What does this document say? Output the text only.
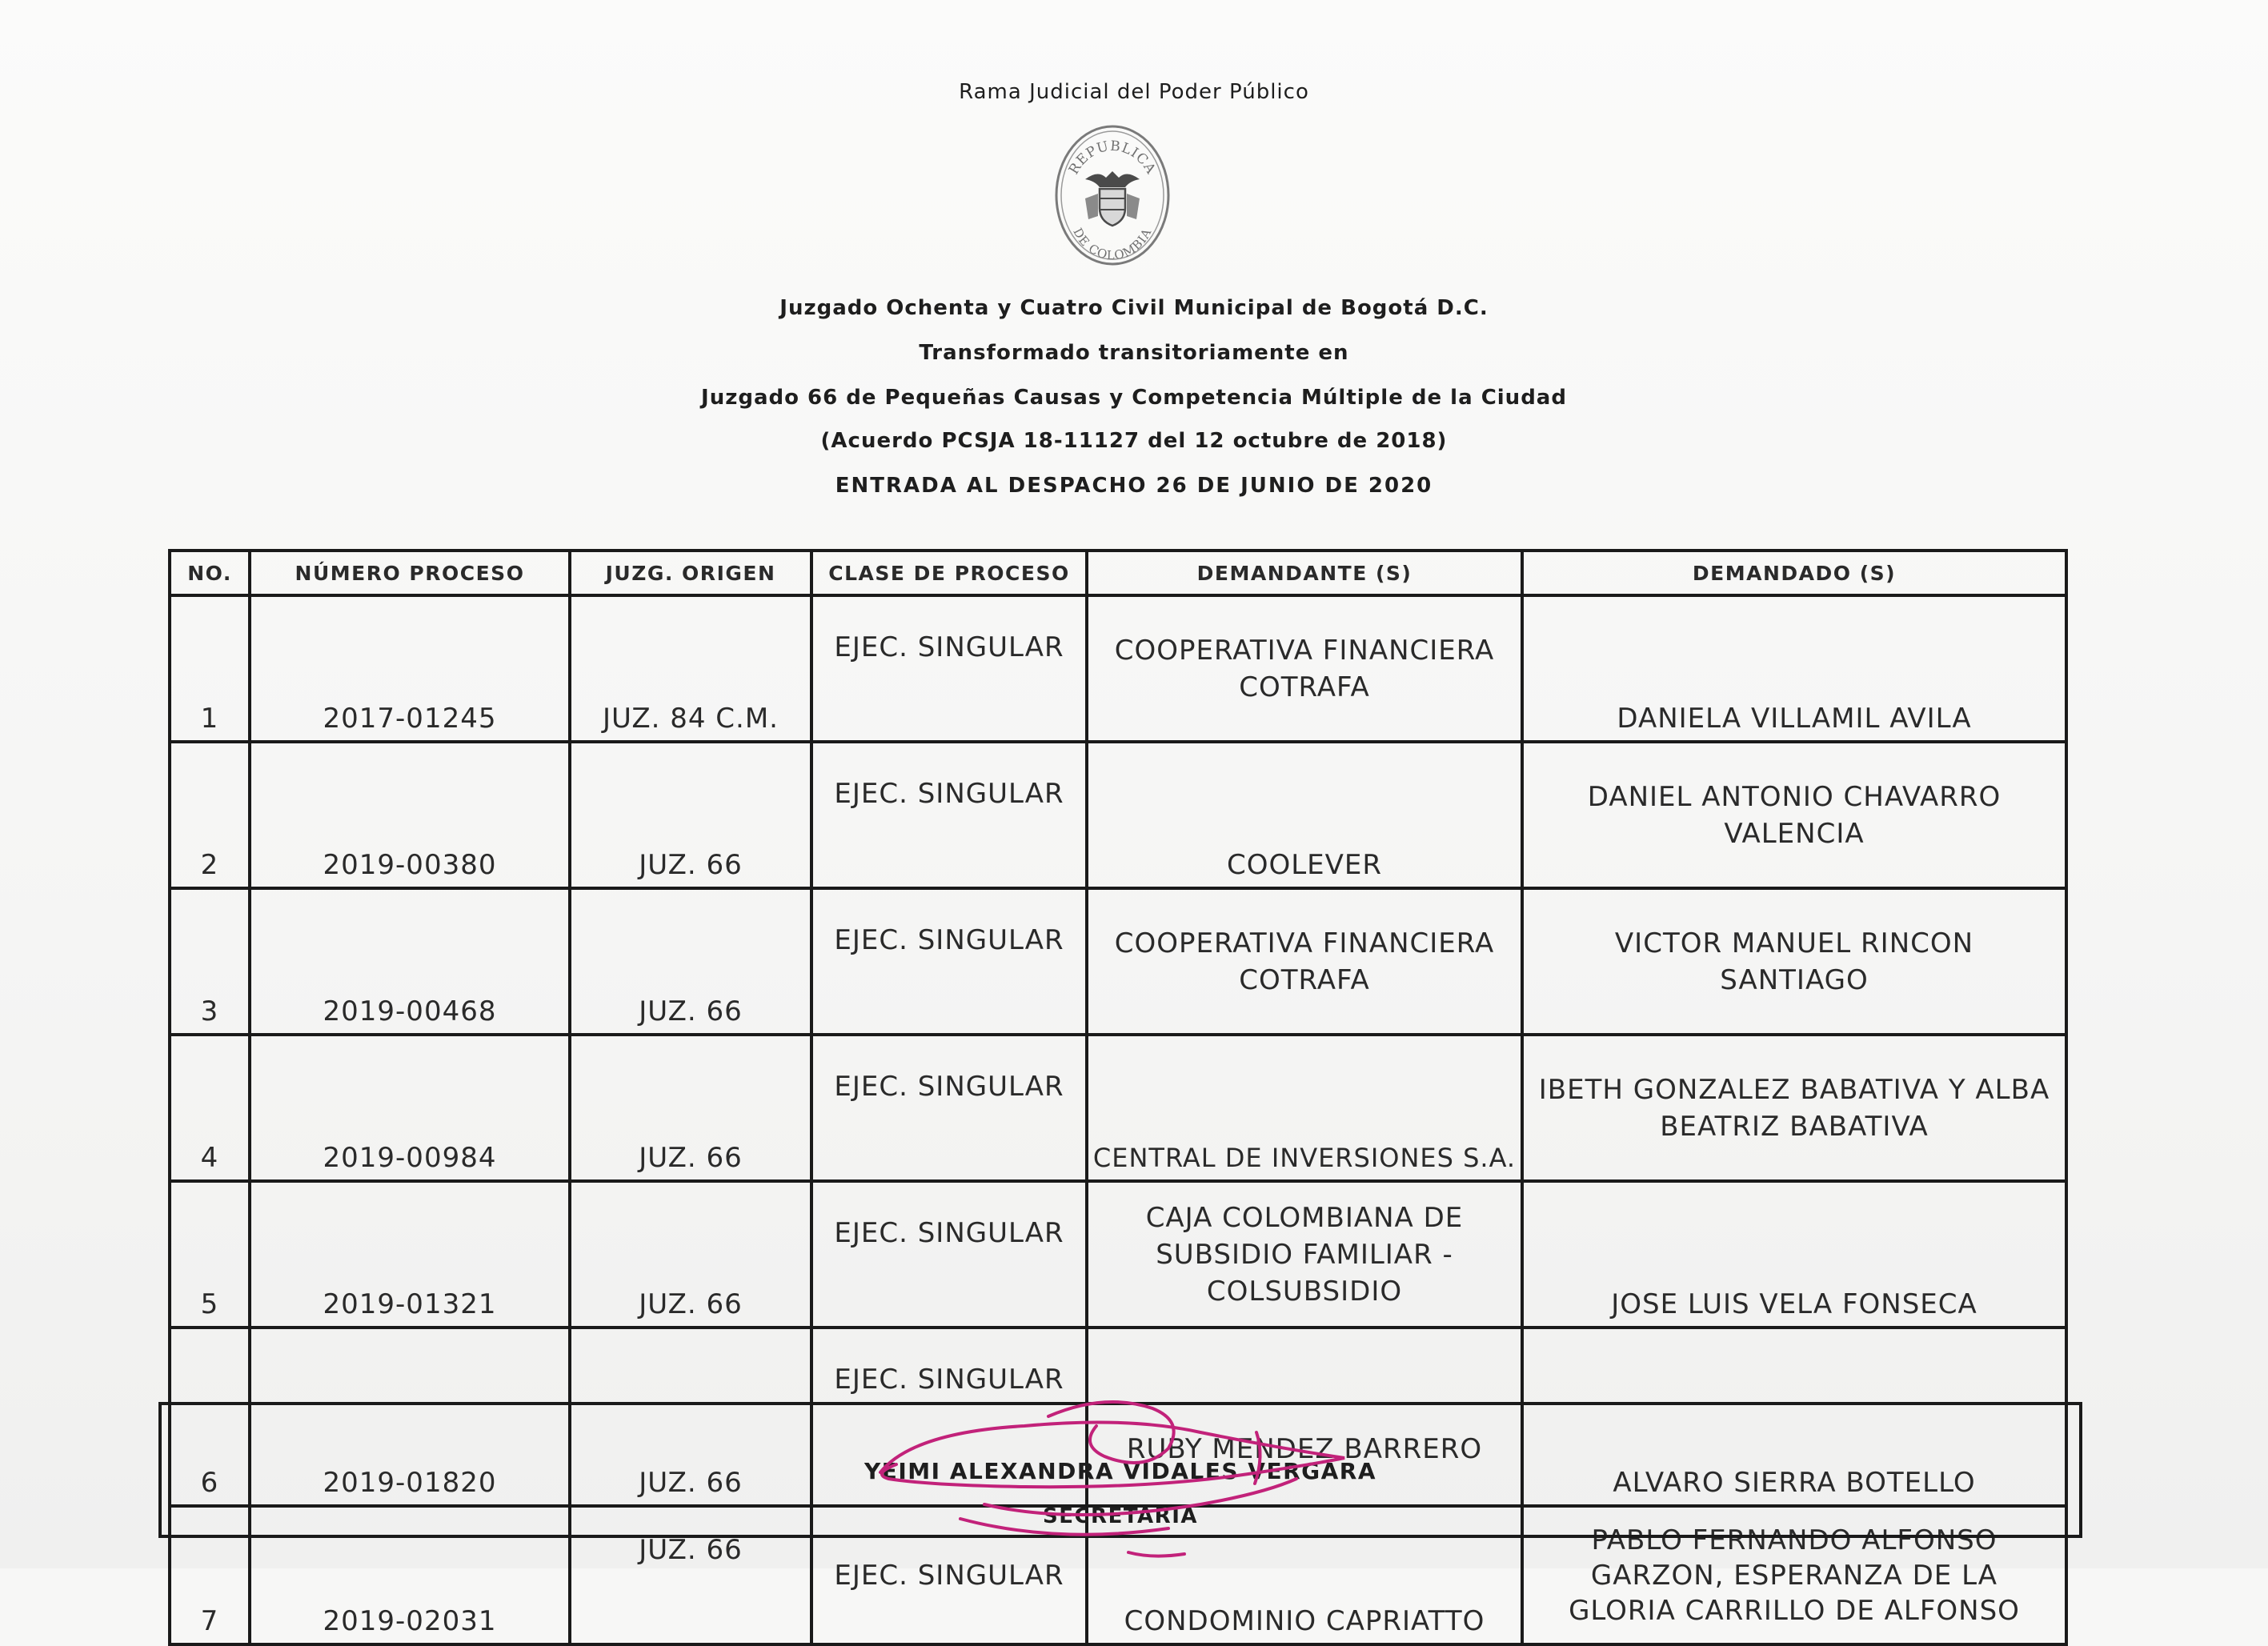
Rama Judicial del Poder Público
REPUBLICA
DE COLOMBIA
Juzgado Ochenta y Cuatro Civil Municipal de Bogotá D.C.
Transformado transitoriamente en
Juzgado 66 de Pequeñas Causas y Competencia Múltiple de la Ciudad
(Acuerdo PCSJA 18-11127 del 12 octubre de 2018)
ENTRADA AL DESPACHO 26 DE JUNIO DE 2020
NO.	NÚMERO PROCESO	JUZG. ORIGEN	CLASE DE PROCESO	DEMANDANTE (S)	DEMANDADO (S)
1	2017-01245	JUZ. 84 C.M.	EJEC. SINGULAR	COOPERATIVA FINANCIERA COTRAFA	DANIELA VILLAMIL AVILA
2	2019-00380	JUZ. 66	EJEC. SINGULAR	COOLEVER	DANIEL ANTONIO CHAVARRO VALENCIA
3	2019-00468	JUZ. 66	EJEC. SINGULAR	COOPERATIVA FINANCIERA COTRAFA	VICTOR MANUEL RINCON SANTIAGO
4	2019-00984	JUZ. 66	EJEC. SINGULAR	CENTRAL DE INVERSIONES S.A.	IBETH GONZALEZ BABATIVA Y ALBA BEATRIZ BABATIVA
5	2019-01321	JUZ. 66	EJEC. SINGULAR	CAJA COLOMBIANA DE SUBSIDIO FAMILIAR - COLSUBSIDIO	JOSE LUIS VELA FONSECA
6	2019-01820	JUZ. 66	EJEC. SINGULAR	RUBY MENDEZ BARRERO	ALVARO SIERRA BOTELLO
7	2019-02031	JUZ. 66	EJEC. SINGULAR	CONDOMINIO CAPRIATTO	PABLO FERNANDO ALFONSO GARZON, ESPERANZA DE LA GLORIA CARRILLO DE ALFONSO
YEIMI ALEXANDRA VIDALES VERGARA
SECRETARIA
